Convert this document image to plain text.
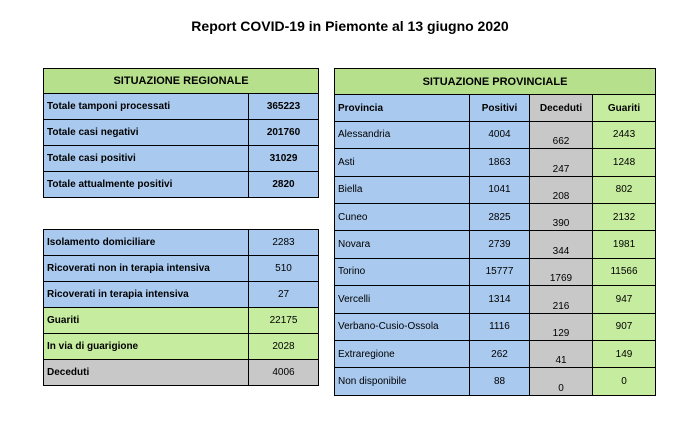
Report COVID-19 in Piemonte al 13 giugno 2020
SITUAZIONE REGIONALE	
Totale tamponi processati	365223
Totale casi negativi	201760
Totale casi positivi	31029
Totale attualmente positivi	2820
Isolamento domiciliare	2283
Ricoverati non in terapia intensiva	510
Ricoverati in terapia intensiva	27
Guariti	22175
In via di guarigione	2028
Deceduti	4006
SITUAZIONE PROVINCIALE			
Provincia	Positivi	Deceduti	Guariti
Alessandria	4004	662	2443
Asti	1863	247	1248
Biella	1041	208	802
Cuneo	2825	390	2132
Novara	2739	344	1981
Torino	15777	1769	11566
Vercelli	1314	216	947
Verbano-Cusio-Ossola	1116	129	907
Extraregione	262	41	149
Non disponibile	88	0	0
